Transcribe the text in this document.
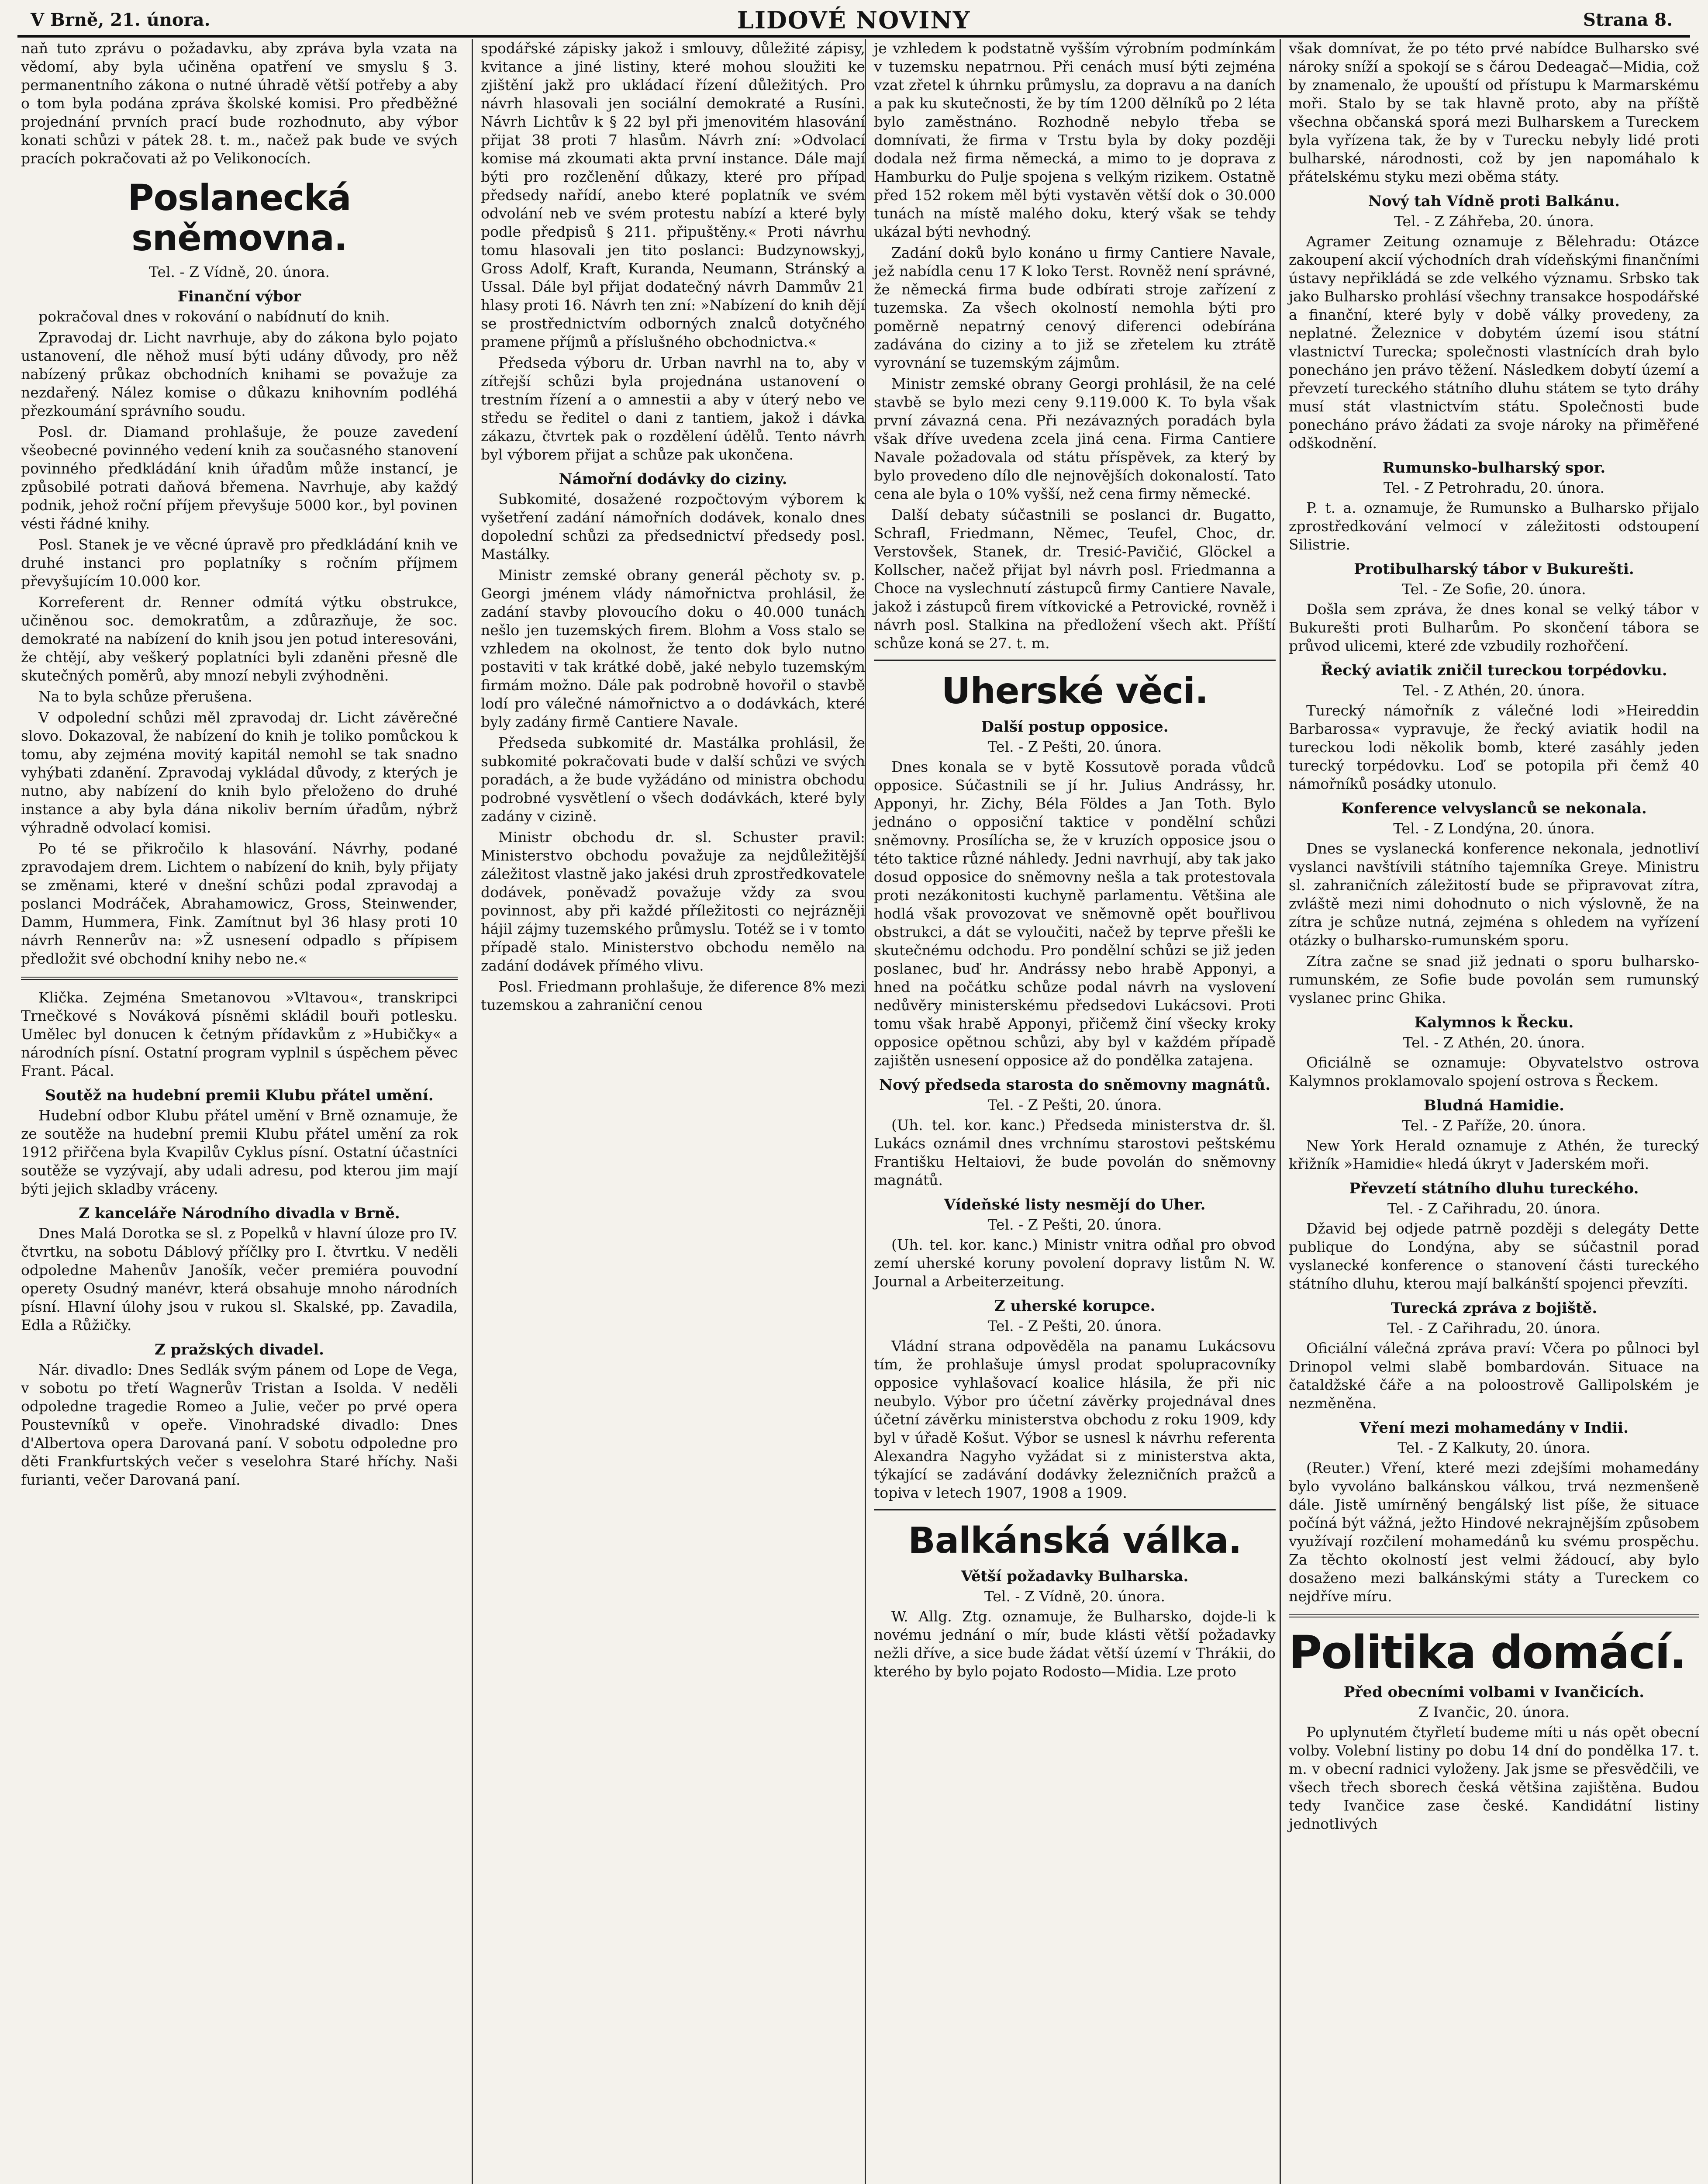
V Brně, 21. února.	LIDOVÉ NOVINY	Strana 8.

naň tuto zprávu o požadavku, aby zpráva byla vzata na vědomí, aby byla učiněna opatření ve smyslu § 3. permanentního zákona o nutné úhradě větší potřeby a aby o tom byla podána zpráva školské komisi. Pro předběžné projednání prvních prací bude rozhodnuto, aby výbor konati schůzi v pátek 28. t. m., načež pak bude ve svých pracích pokračovati až po Velikonocích.

Poslanecká sněmovna.
Tel. - Z Vídně, 20. února.
Finanční výbor

pokračoval dnes v rokování o nabídnutí do knih.

Zpravodaj dr. Licht navrhuje, aby do zákona bylo pojato ustanovení, dle něhož musí býti udány důvody, pro něž nabízený průkaz obchodních knihami se považuje za nezdařený. Nález komise o důkazu knihovním podléhá přezkoumání správního soudu.

Posl. dr. Diamand prohlašuje, že pouze zavedení všeobecné povinného vedení knih za současného stanovení povinného předkládání knih úřadům může instancí, je způsobilé potrati daňová břemena. Navrhuje, aby každý podnik, jehož roční příjem převyšuje 5000 kor., byl povinen vésti řádné knihy.

Posl. Stanek je ve věcné úpravě pro předkládání knih ve druhé instanci pro poplatníky s ročním příjmem převyšujícím 10.000 kor.

Korreferent dr. Renner odmítá výtku obstrukce, učiněnou soc. demokratům, a zdůrazňuje, že soc. demokraté na nabízení do knih jsou jen potud interesováni, že chtějí, aby veškerý poplatníci byli zdaněni přesně dle skutečných poměrů, aby mnozí nebyli zvýhodněni.

Na to byla schůze přerušena.

V odpolední schůzi měl zpravodaj dr. Licht závěrečné slovo. Dokazoval, že nabízení do knih je toliko pomůckou k tomu, aby zejména movitý kapitál nemohl se tak snadno vyhýbati zdanění. Zpravodaj vykládal důvody, z kterých je nutno, aby nabízení do knih bylo přeloženo do druhé instance a aby byla dána nikoliv berním úřadům, nýbrž výhradně odvolací komisi.

Po té se přikročilo k hlasování. Návrhy, podané zpravodajem drem. Lichtem o nabízení do knih, byly přijaty se změnami, které v dnešní schůzi podal zpravodaj a poslanci Modráček, Abrahamowicz, Gross, Steinwender, Damm, Hummera, Fink. Zamítnut byl 36 hlasy proti 10 návrh Rennerův na: »Ž usnesení odpadlo s přípisem předložit své obchodní knihy nebo ne.«

Klička. Zejména Smetanovou »Vltavou«, transkripci Trnečkové s Nováková písněmi skládil bouři potlesku. Umělec byl donucen k četným přídavkům z »Hubičky« a národních písní. Ostatní program vyplnil s úspěchem pěvec Frant. Pácal.

Soutěž na hudební premii Klubu přátel umění.

Hudební odbor Klubu přátel umění v Brně oznamuje, že ze soutěže na hudební premii Klubu přátel umění za rok 1912 přiřčena byla Kvapilův Cyklus písní. Ostatní účastníci soutěže se vyzývají, aby udali adresu, pod kterou jim mají býti jejich skladby vráceny.

Z kanceláře Národního divadla v Brně.

Dnes Malá Dorotka se sl. z Popelků v hlavní úloze pro IV. čtvrtku, na sobotu Dáblový příčlky pro I. čtvrtku. V neděli odpoledne Mahenův Janošík, večer premiéra pouvodní operety Osudný manévr, která obsahuje mnoho národních písní. Hlavní úlohy jsou v rukou sl. Skalské, pp. Zavadila, Edla a Růžičky.

Z pražských divadel.

Nár. divadlo: Dnes Sedlák svým pánem od Lope de Vega, v sobotu po třetí Wagnerův Tristan a Isolda. V neděli odpoledne tragedie Romeo a Julie, večer po prvé opera Poustevníků v opeře. Vinohradské divadlo: Dnes d'Albertova opera Darovaná paní. V sobotu odpoledne pro děti Frankfurtských večer s veselohra Staré hříchy. Naši furianti, večer Darovaná paní.

spodářské zápisky jakož i smlouvy, důležité zápisy, kvitance a jiné listiny, které mohou sloužiti ke zjištění jakž pro ukládací řízení důležitých. Pro návrh hlasovali jen sociální demokraté a Rusíni. Návrh Lichtův k § 22 byl při jmenovitém hlasování přijat 38 proti 7 hlasům. Návrh zní: »Odvolací komise má zkoumati akta první instance. Dále mají býti pro rozčlenění důkazy, které pro případ předsedy nařídí, anebo které poplatník ve svém odvolání neb ve svém protestu nabízí a které byly podle předpisů § 211. připuštěny.« Proti návrhu tomu hlasovali jen tito poslanci: Budzynowskyj, Gross Adolf, Kraft, Kuranda, Neumann, Stránský a Ussal. Dále byl přijat dodatečný návrh Dammův 21 hlasy proti 16. Návrh ten zní: »Nabízení do knih dějí se prostřednictvím odborných znalců dotyčného pramene příjmů a příslušného obchodnictva.«

Předseda výboru dr. Urban navrhl na to, aby v zítřejší schůzi byla projednána ustanovení o trestním řízení a o amnestii a aby v úterý nebo ve středu se ředitel o dani z tantiem, jakož i dávka zákazu, čtvrtek pak o rozdělení údělů. Tento návrh byl výborem přijat a schůze pak ukončena.

Námořní dodávky do ciziny.

Subkomité, dosažené rozpočtovým výborem k vyšetření zadání námořních dodávek, konalo dnes dopolední schůzi za předsednictví předsedy posl. Mastálky.

Ministr zemské obrany generál pěchoty sv. p. Georgi jménem vlády námořnictva prohlásil, že zadání stavby plovoucího doku o 40.000 tunách nešlo jen tuzemských firem. Blohm a Voss stalo se vzhledem na okolnost, že tento dok bylo nutno postaviti v tak krátké době, jaké nebylo tuzemským firmám možno. Dále pak podrobně hovořil o stavbě lodí pro válečné námořnictvo a o dodávkách, které byly zadány firmě Cantiere Navale.

Předseda subkomité dr. Mastálka prohlásil, že subkomité pokračovati bude v další schůzi ve svých poradách, a že bude vyžádáno od ministra obchodu podrobné vysvětlení o všech dodávkách, které byly zadány v cizině.

Ministr obchodu dr. sl. Schuster pravil: Ministerstvo obchodu považuje za nejdůležitější záležitost vlastně jako jakési druh zprostředkovatele dodávek, poněvadž považuje vždy za svou povinnost, aby při každé příležitosti co nejrázněji hájil zájmy tuzemského průmyslu. Totéž se i v tomto případě stalo. Ministerstvo obchodu nemělo na zadání dodávek přímého vlivu.

Posl. Friedmann prohlašuje, že diference 8% mezi tuzemskou a zahraniční cenou

je vzhledem k podstatně vyšším výrobním podmínkám v tuzemsku nepatrnou. Při cenách musí býti zejména vzat zřetel k úhrnku průmyslu, za dopravu a na daních a pak ku skutečnosti, že by tím 1200 dělníků po 2 léta bylo zaměstnáno. Rozhodně nebylo třeba se domnívati, že firma v Trstu byla by doky později dodala než firma německá, a mimo to je doprava z Hamburku do Pulje spojena s velkým rizikem. Ostatně před 152 rokem měl býti vystavěn větší dok o 30.000 tunách na místě malého doku, který však se tehdy ukázal býti nevhodný.

Zadání doků bylo konáno u firmy Cantiere Navale, jež nabídla cenu 17 K loko Terst. Rovněž není správné, že německá firma bude odbírati stroje zařízení z tuzemska. Za všech okolností nemohla býti pro poměrně nepatrný cenový diferenci odebírána zadávána do ciziny a to již se zřetelem ku ztrátě vyrovnání se tuzemským zájmům.

Ministr zemské obrany Georgi prohlásil, že na celé stavbě se bylo mezi ceny 9.119.000 K. To byla však první závazná cena. Při nezávazných poradách byla však dříve uvedena zcela jiná cena. Firma Cantiere Navale požadovala od státu příspěvek, za který by bylo provedeno dílo dle nejnovějších dokonalostí. Tato cena ale byla o 10% vyšší, než cena firmy německé.

Další debaty súčastnili se poslanci dr. Bugatto, Schrafl, Friedmann, Němec, Teufel, Choc, dr. Verstovšek, Stanek, dr. Tresić-Pavičić, Glöckel a Kollscher, načež přijat byl návrh posl. Friedmanna a Choce na vyslechnutí zástupců firmy Cantiere Navale, jakož i zástupců firem vítkovické a Petrovické, rovněž i návrh posl. Stalkina na předložení všech akt. Příští schůze koná se 27. t. m.

Uherské věci.
Další postup opposice.
Tel. - Z Pešti, 20. února.

Dnes konala se v bytě Kossutově porada vůdců opposice. Súčastnili se jí hr. Julius Andrássy, hr. Apponyi, hr. Zichy, Béla Földes a Jan Toth. Bylo jednáno o opposiční taktice v pondělní schůzi sněmovny. Prosílícha se, že v kruzích opposice jsou o této taktice různé náhledy. Jedni navrhují, aby tak jako dosud opposice do sněmovny nešla a tak protestovala proti nezákonitosti kuchyně parlamentu. Většina ale hodlá však provozovat ve sněmovně opět bouřlivou obstrukci, a dát se vyloučiti, načež by teprve přešli ke skutečnému odchodu. Pro pondělní schůzi se již jeden poslanec, buď hr. Andrássy nebo hrabě Apponyi, a hned na počátku schůze podal návrh na vyslovení nedůvěry ministerskému předsedovi Lukácsovi. Proti tomu však hrabě Apponyi, přičemž činí všecky kroky opposice opětnou schůzi, aby byl v každém případě zajištěn usnesení opposice až do pondělka zatajena.

Nový předseda starosta do sněmovny magnátů.
Tel. - Z Pešti, 20. února.

(Uh. tel. kor. kanc.) Předseda ministerstva dr. šl. Lukács oznámil dnes vrchnímu starostovi peštskému Františku Heltaiovi, že bude povolán do sněmovny magnátů.

Vídeňské listy nesmějí do Uher.
Tel. - Z Pešti, 20. února.

(Uh. tel. kor. kanc.) Ministr vnitra odňal pro obvod zemí uherské koruny povolení dopravy listům N. W. Journal a Arbeiterzeitung.

Z uherské korupce.
Tel. - Z Pešti, 20. února.

Vládní strana odpověděla na panamu Lukácsovu tím, že prohlašuje úmysl prodat spolupracovníky opposice vyhlašovací koalice hlásila, že při nic neubylo. Výbor pro účetní závěrky projednával dnes účetní závěrku ministerstva obchodu z roku 1909, kdy byl v úřadě Košut. Výbor se usnesl k návrhu referenta Alexandra Nagyho vyžádat si z ministerstva akta, týkající se zadávání dodávky železničních pražců a topiva v letech 1907, 1908 a 1909.

Balkánská válka.
Větší požadavky Bulharska.
Tel. - Z Vídně, 20. února.

W. Allg. Ztg. oznamuje, že Bulharsko, dojde-li k novému jednání o mír, bude klásti větší požadavky nežli dříve, a sice bude žádat větší území v Thrákii, do kterého by bylo pojato Rodosto—Midia. Lze proto

však domnívat, že po této prvé nabídce Bulharsko své nároky sníží a spokojí se s čárou Dedeagač—Midia, což by znamenalo, že upouští od přístupu k Marmarskému moři. Stalo by se tak hlavně proto, aby na příště všechna občanská sporá mezi Bulharskem a Tureckem byla vyřízena tak, že by v Turecku nebyly lidé proti bulharské, národnosti, což by jen napomáhalo k přátelskému styku mezi oběma státy.

Nový tah Vídně proti Balkánu.
Tel. - Z Záhřeba, 20. února.

Agramer Zeitung oznamuje z Bělehradu: Otázce zakoupení akcií východních drah vídeňskými finančními ústavy nepřikládá se zde velkého významu. Srbsko tak jako Bulharsko prohlásí všechny transakce hospodářské a finanční, které byly v době války provedeny, za neplatné. Železnice v dobytém území isou státní vlastnictví Turecka; společnosti vlastnících drah bylo ponecháno jen právo těžení. Následkem dobytí území a převzetí tureckého státního dluhu státem se tyto dráhy musí stát vlastnictvím státu. Společnosti bude ponecháno právo žádati za svoje nároky na přiměřené odškodnění.

Rumunsko-bulharský spor.
Tel. - Z Petrohradu, 20. února.

P. t. a. oznamuje, že Rumunsko a Bulharsko přijalo zprostředkování velmocí v záležitosti odstoupení Silistrie.

Protibulharský tábor v Bukurešti.
Tel. - Ze Sofie, 20. února.

Došla sem zpráva, že dnes konal se velký tábor v Bukurešti proti Bulharům. Po skončení tábora se průvod ulicemi, které zde vzbudily rozhořčení.

Řecký aviatik zničil tureckou torpédovku.
Tel. - Z Athén, 20. února.

Turecký námořník z válečné lodi »Heireddin Barbarossa« vypravuje, že řecký aviatik hodil na tureckou lodi několik bomb, které zasáhly jeden turecký torpédovku. Loď se potopila při čemž 40 námořníků posádky utonulo.

Konference velvyslanců se nekonala.
Tel. - Z Londýna, 20. února.

Dnes se vyslanecká konference nekonala, jednotliví vyslanci navštívili státního tajemníka Greye. Ministru sl. zahraničních záležitostí bude se připravovat zítra, zvláště mezi nimi dohodnuto o nich výslovně, že na zítra je schůze nutná, zejména s ohledem na vyřízení otázky o bulharsko-rumunském sporu.

Zítra začne se snad již jednati o sporu bulharsko-rumunském, ze Sofie bude povolán sem rumunský vyslanec princ Ghika.

Kalymnos k Řecku.
Tel. - Z Athén, 20. února.

Oficiálně se oznamuje: Obyvatelstvo ostrova Kalymnos proklamovalo spojení ostrova s Řeckem.

Bludná Hamidie.
Tel. - Z Paříže, 20. února.

New York Herald oznamuje z Athén, že turecký křižník »Hamidie« hledá úkryt v Jaderském moři.

Převzetí státního dluhu tureckého.
Tel. - Z Cařihradu, 20. února.

Džavid bej odjede patrně později s delegáty Dette publique do Londýna, aby se súčastnil porad vyslanecké konference o stanovení části tureckého státního dluhu, kterou mají balkánští spojenci převzíti.

Turecká zpráva z bojiště.
Tel. - Z Cařihradu, 20. února.

Oficiální válečná zpráva praví: Včera po půlnoci byl Drinopol velmi slabě bombardován. Situace na čataldžské čáře a na poloostrově Gallipolském je nezměněna.

Vření mezi mohamedány v Indii.
Tel. - Z Kalkuty, 20. února.

(Reuter.) Vření, které mezi zdejšími mohamedány bylo vyvoláno balkánskou válkou, trvá nezmenšeně dále. Jistě umírněný bengálský list píše, že situace počíná být vážná, ježto Hindové nekrajnějším způsobem využívají rozčilení mohamedánů ku svému prospěchu. Za těchto okolností jest velmi žádoucí, aby bylo dosaženo mezi balkánskými státy a Tureckem co nejdříve míru.

Politika domácí.
Před obecními volbami v Ivančicích.
Z Ivančic, 20. února.

Po uplynutém čtyřletí budeme míti u nás opět obecní volby. Volební listiny po dobu 14 dní do pondělka 17. t. m. v obecní radnici vyloženy. Jak jsme se přesvědčili, ve všech třech sborech česká většina zajištěna. Budou tedy Ivančice zase české. Kandidátní listiny jednotlivých
